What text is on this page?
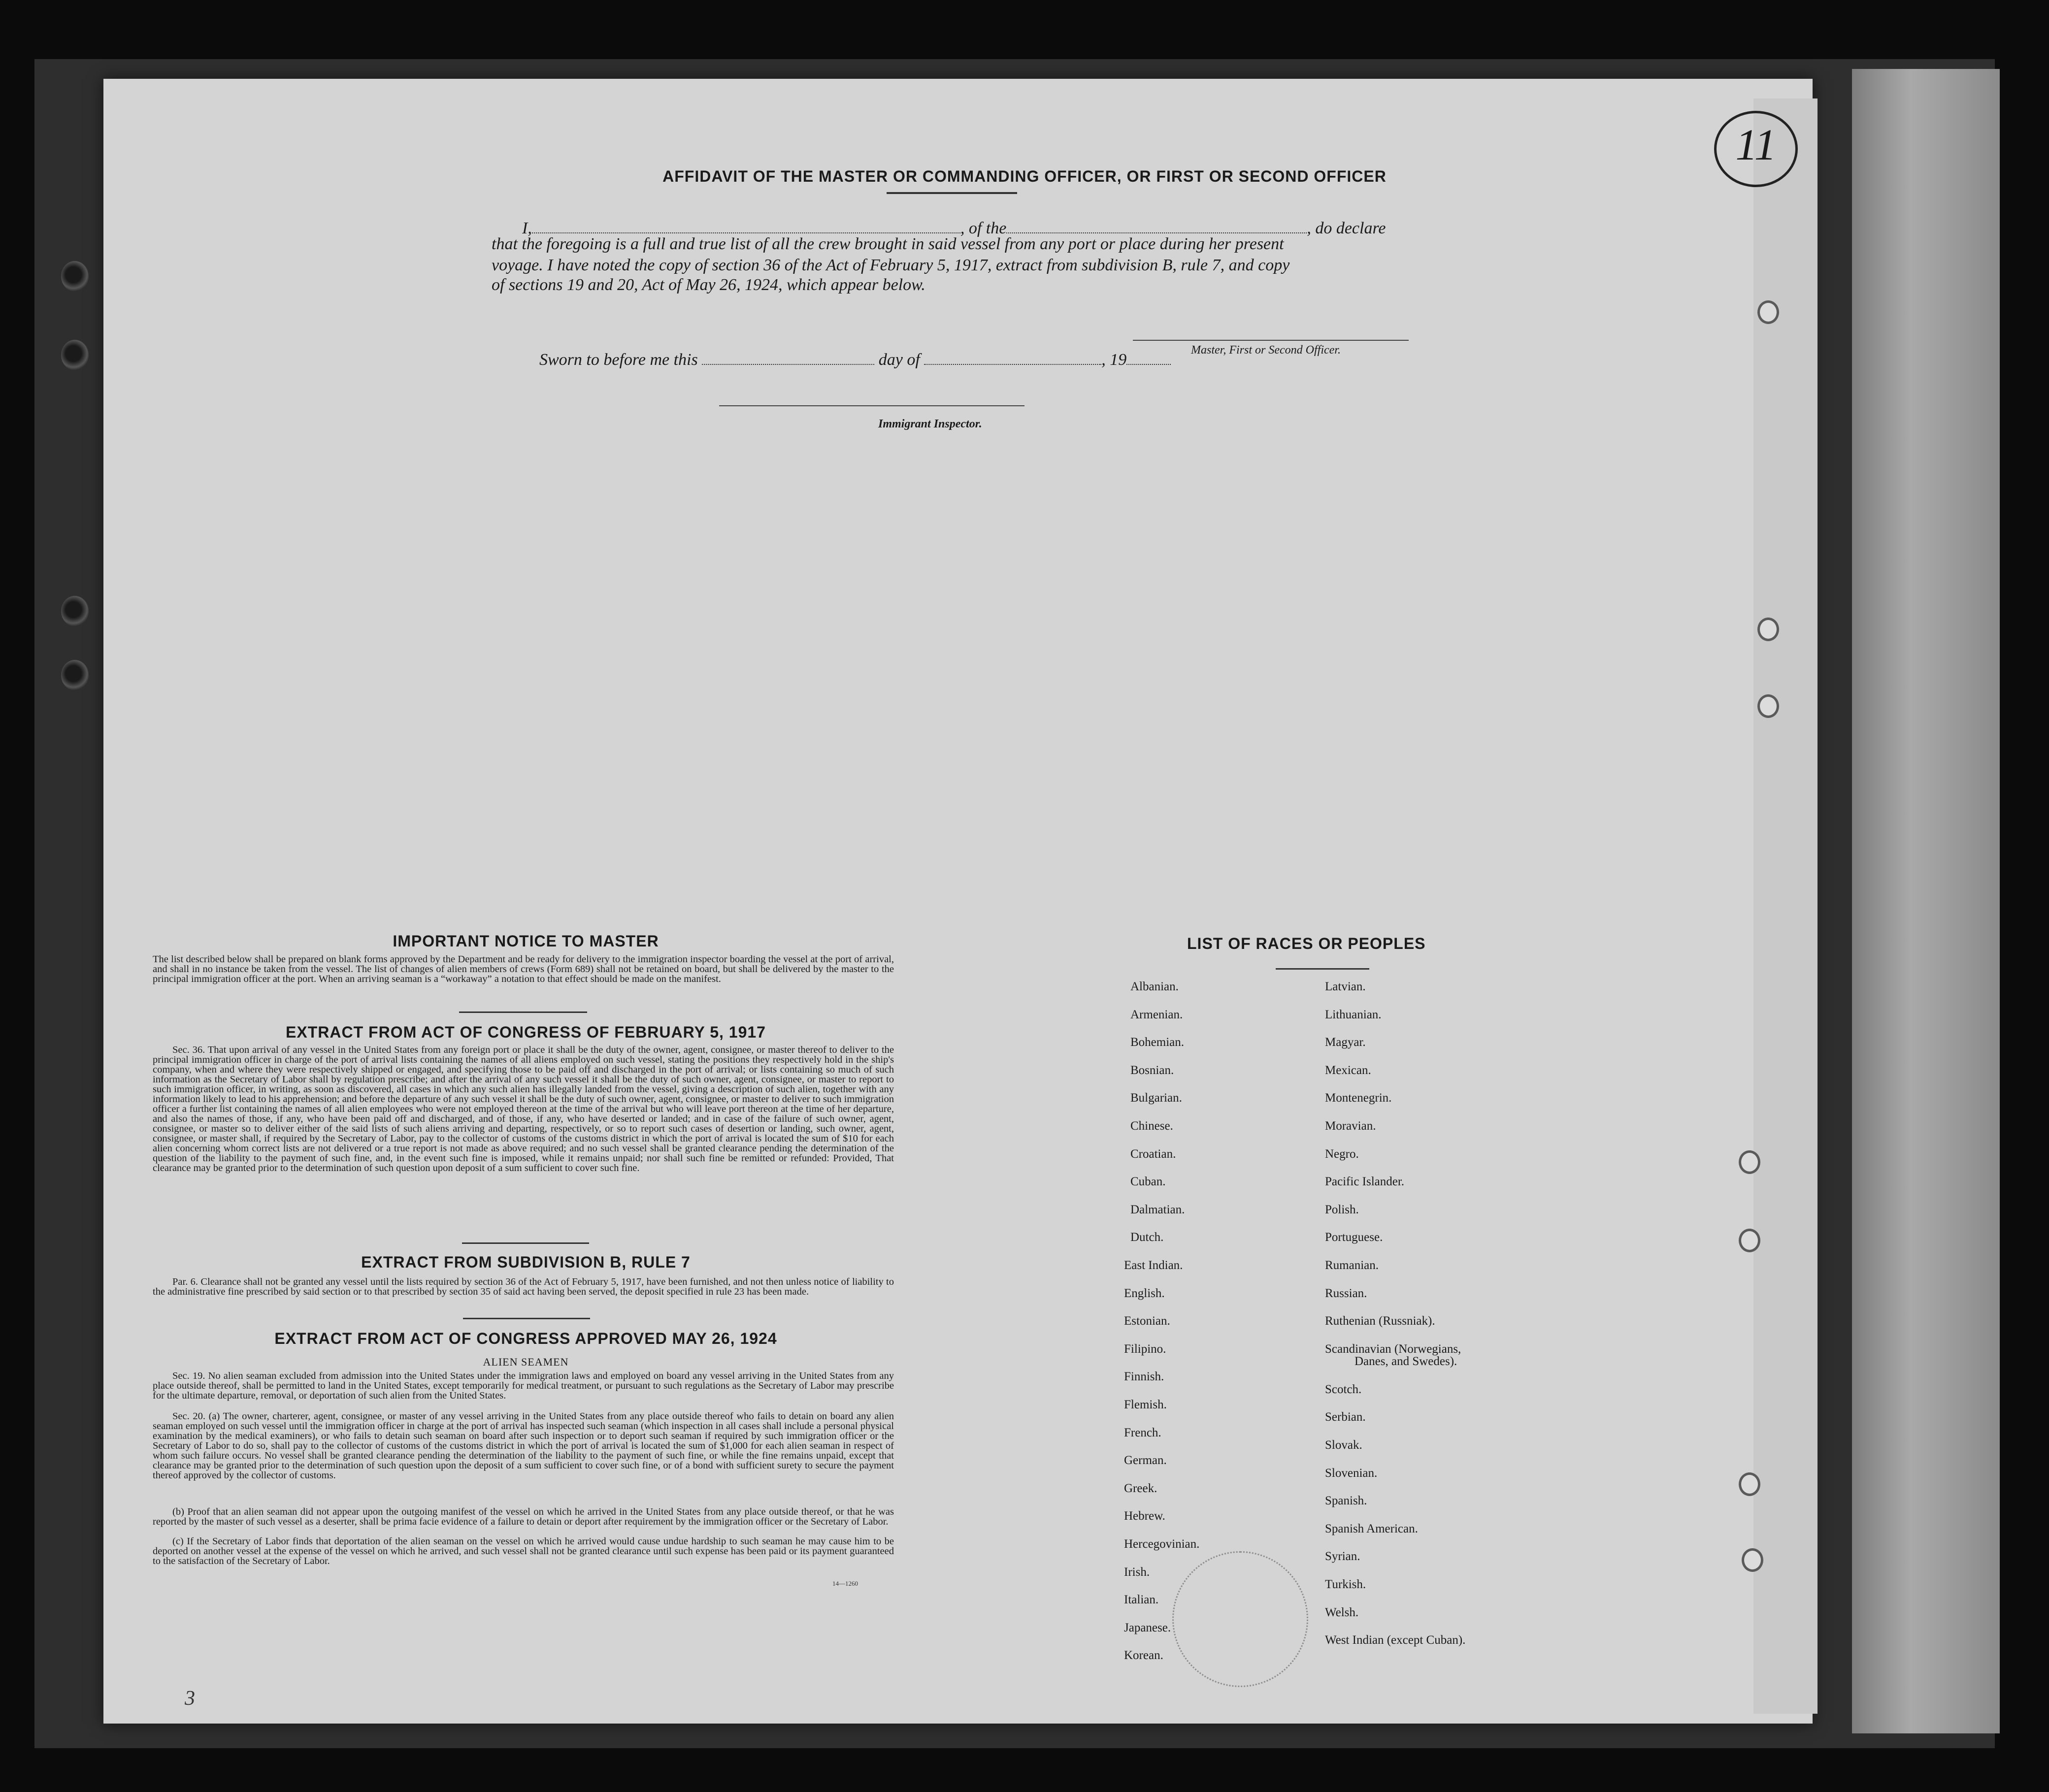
11
AFFIDAVIT OF THE MASTER OR COMMANDING OFFICER, OR FIRST OR SECOND OFFICER
I,	, of the	, do declare
that the foregoing is a full and true list of all the crew brought in said vessel from any port or place during her present
voyage. I have noted the copy of section 36 of the Act of February 5, 1917, extract from subdivision B, rule 7, and copy
of sections 19 and 20, Act of May 26, 1924, which appear below.
Master, First or Second Officer.
Sworn to before me this	day of	, 19
Immigrant Inspector.
IMPORTANT NOTICE TO MASTER

The list described below shall be prepared on blank forms approved by the Department and be ready for delivery to the immigration inspector boarding the vessel at the port of arrival, and shall in no instance be taken from the vessel. The list of changes of alien members of crews (Form 689) shall not be retained on board, but shall be delivered by the master to the principal immigration officer at the port. When an arriving seaman is a “workaway” a notation to that effect should be made on the manifest.

EXTRACT FROM ACT OF CONGRESS OF FEBRUARY 5, 1917

Sec. 36. That upon arrival of any vessel in the United States from any foreign port or place it shall be the duty of the owner, agent, consignee, or master thereof to deliver to the principal immigration officer in charge of the port of arrival lists containing the names of all aliens employed on such vessel, stating the positions they respectively hold in the ship's company, when and where they were respectively shipped or engaged, and specifying those to be paid off and discharged in the port of arrival; or lists containing so much of such information as the Secretary of Labor shall by regulation prescribe; and after the arrival of any such vessel it shall be the duty of such owner, agent, consignee, or master to report to such immigration officer, in writing, as soon as discovered, all cases in which any such alien has illegally landed from the vessel, giving a description of such alien, together with any information likely to lead to his apprehension; and before the departure of any such vessel it shall be the duty of such owner, agent, consignee, or master to deliver to such immigration officer a further list containing the names of all alien employees who were not employed thereon at the time of the arrival but who will leave port thereon at the time of her departure, and also the names of those, if any, who have been paid off and discharged, and of those, if any, who have deserted or landed; and in case of the failure of such owner, agent, consignee, or master so to deliver either of the said lists of such aliens arriving and departing, respectively, or so to report such cases of desertion or landing, such owner, agent, consignee, or master shall, if required by the Secretary of Labor, pay to the collector of customs of the customs district in which the port of arrival is located the sum of $10 for each alien concerning whom correct lists are not delivered or a true report is not made as above required; and no such vessel shall be granted clearance pending the determination of the question of the liability to the payment of such fine, and, in the event such fine is imposed, while it remains unpaid; nor shall such fine be remitted or refunded: Provided, That clearance may be granted prior to the determination of such question upon deposit of a sum sufficient to cover such fine.

EXTRACT FROM SUBDIVISION B, RULE 7

Par. 6. Clearance shall not be granted any vessel until the lists required by section 36 of the Act of February 5, 1917, have been furnished, and not then unless notice of liability to the administrative fine prescribed by said section or to that prescribed by section 35 of said act having been served, the deposit specified in rule 23 has been made.

EXTRACT FROM ACT OF CONGRESS APPROVED MAY 26, 1924
ALIEN SEAMEN

Sec. 19. No alien seaman excluded from admission into the United States under the immigration laws and employed on board any vessel arriving in the United States from any place outside thereof, shall be permitted to land in the United States, except temporarily for medical treatment, or pursuant to such regulations as the Secretary of Labor may prescribe for the ultimate departure, removal, or deportation of such alien from the United States.

Sec. 20. (a) The owner, charterer, agent, consignee, or master of any vessel arriving in the United States from any place outside thereof who fails to detain on board any alien seaman employed on such vessel until the immigration officer in charge at the port of arrival has inspected such seaman (which inspection in all cases shall include a personal physical examination by the medical examiners), or who fails to detain such seaman on board after such inspection or to deport such seaman if required by such immigration officer or the Secretary of Labor to do so, shall pay to the collector of customs of the customs district in which the port of arrival is located the sum of $1,000 for each alien seaman in respect of whom such failure occurs. No vessel shall be granted clearance pending the determination of the liability to the payment of such fine, or while the fine remains unpaid, except that clearance may be granted prior to the determination of such question upon the deposit of a sum sufficient to cover such fine, or of a bond with sufficient surety to secure the payment thereof approved by the collector of customs.

(b) Proof that an alien seaman did not appear upon the outgoing manifest of the vessel on which he arrived in the United States from any place outside thereof, or that he was reported by the master of such vessel as a deserter, shall be prima facie evidence of a failure to detain or deport after requirement by the immigration officer or the Secretary of Labor.

(c) If the Secretary of Labor finds that deportation of the alien seaman on the vessel on which he arrived would cause undue hardship to such seaman he may cause him to be deported on another vessel at the expense of the vessel on which he arrived, and such vessel shall not be granted clearance until such expense has been paid or its payment guaranteed to the satisfaction of the Secretary of Labor.

14—1260
3
LIST OF RACES OR PEOPLES
Albanian.
Armenian.
Bohemian.
Bosnian.
Bulgarian.
Chinese.
Croatian.
Cuban.
Dalmatian.
Dutch.
East Indian.
English.
Estonian.
Filipino.
Finnish.
Flemish.
French.
German.
Greek.
Hebrew.
Hercegovinian.
Irish.
Italian.
Japanese.
Korean.
Latvian.
Lithuanian.
Magyar.
Mexican.
Montenegrin.
Moravian.
Negro.
Pacific Islander.
Polish.
Portuguese.
Rumanian.
Russian.
Ruthenian (Russniak).
Scandinavian (Norwegians,
Danes, and Swedes).
Scotch.
Serbian.
Slovak.
Slovenian.
Spanish.
Spanish American.
Syrian.
Turkish.
Welsh.
West Indian (except Cuban).
